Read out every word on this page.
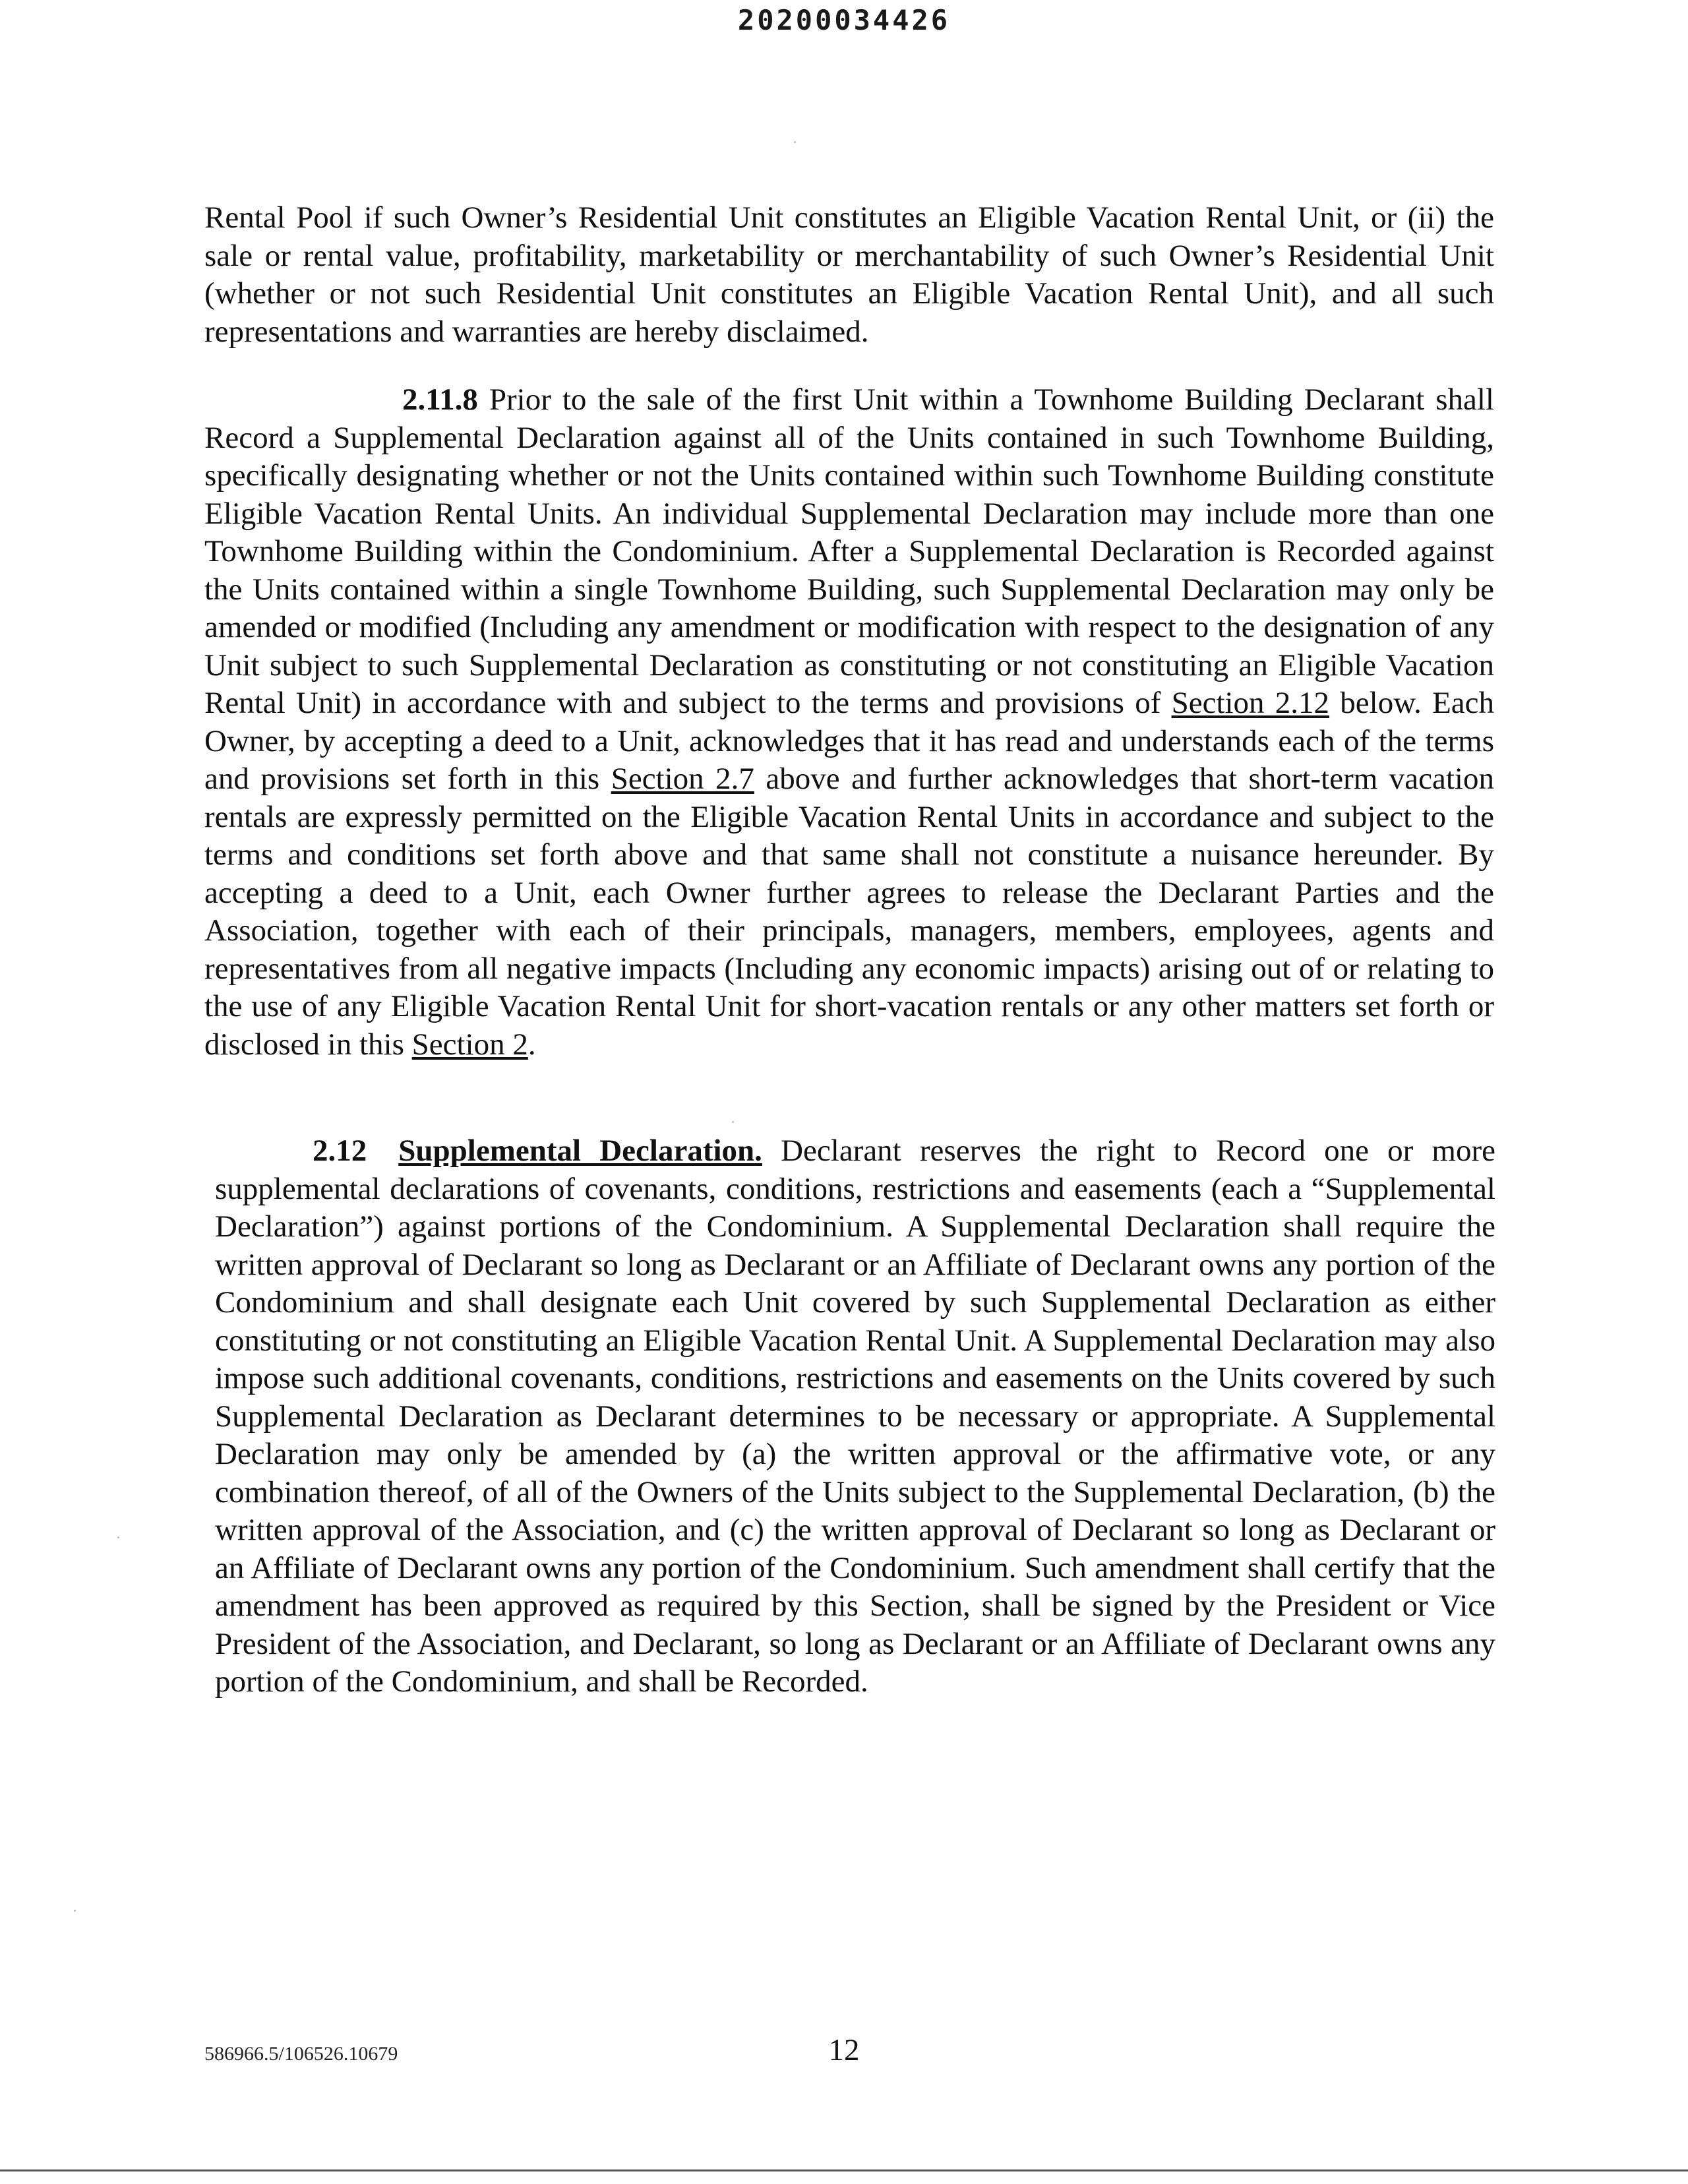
20200034426

Rental Pool if such Owner’s Residential Unit constitutes an Eligible Vacation Rental Unit, or (ii) the sale or rental value, profitability, marketability or merchantability of such Owner’s Residential Unit (whether or not such Residential Unit constitutes an Eligible Vacation Rental Unit), and all such representations and warranties are hereby disclaimed.

2.11.8 Prior to the sale of the first Unit within a Townhome Building Declarant shall Record a Supplemental Declaration against all of the Units contained in such Townhome Building, specifically designating whether or not the Units contained within such Townhome Building constitute Eligible Vacation Rental Units. An individual Supplemental Declaration may include more than one Townhome Building within the Condominium. After a Supplemental Declaration is Recorded against the Units contained within a single Townhome Building, such Supplemental Declaration may only be amended or modified (Including any amendment or modification with respect to the designation of any Unit subject to such Supplemental Declaration as constituting or not constituting an Eligible Vacation Rental Unit) in accordance with and subject to the terms and provisions of Section 2.12 below. Each Owner, by accepting a deed to a Unit, acknowledges that it has read and understands each of the terms and provisions set forth in this Section 2.7 above and further acknowledges that short-term vacation rentals are expressly permitted on the Eligible Vacation Rental Units in accordance and subject to the terms and conditions set forth above and that same shall not constitute a nuisance hereunder. By accepting a deed to a Unit, each Owner further agrees to release the Declarant Parties and the Association, together with each of their principals, managers, members, employees, agents and representatives from all negative impacts (Including any economic impacts) arising out of or relating to the use of any Eligible Vacation Rental Unit for short-vacation rentals or any other matters set forth or disclosed in this Section 2.

2.12 Supplemental Declaration. Declarant reserves the right to Record one or more supplemental declarations of covenants, conditions, restrictions and easements (each a “Supplemental Declaration”) against portions of the Condominium. A Supplemental Declaration shall require the written approval of Declarant so long as Declarant or an Affiliate of Declarant owns any portion of the Condominium and shall designate each Unit covered by such Supplemental Declaration as either constituting or not constituting an Eligible Vacation Rental Unit. A Supplemental Declaration may also impose such additional covenants, conditions, restrictions and easements on the Units covered by such Supplemental Declaration as Declarant determines to be necessary or appropriate. A Supplemental Declaration may only be amended by (a) the written approval or the affirmative vote, or any combination thereof, of all of the Owners of the Units subject to the Supplemental Declaration, (b) the written approval of the Association, and (c) the written approval of Declarant so long as Declarant or an Affiliate of Declarant owns any portion of the Condominium. Such amendment shall certify that the amendment has been approved as required by this Section, shall be signed by the President or Vice President of the Association, and Declarant, so long as Declarant or an Affiliate of Declarant owns any portion of the Condominium, and shall be Recorded.

586966.5/106526.10679	12
